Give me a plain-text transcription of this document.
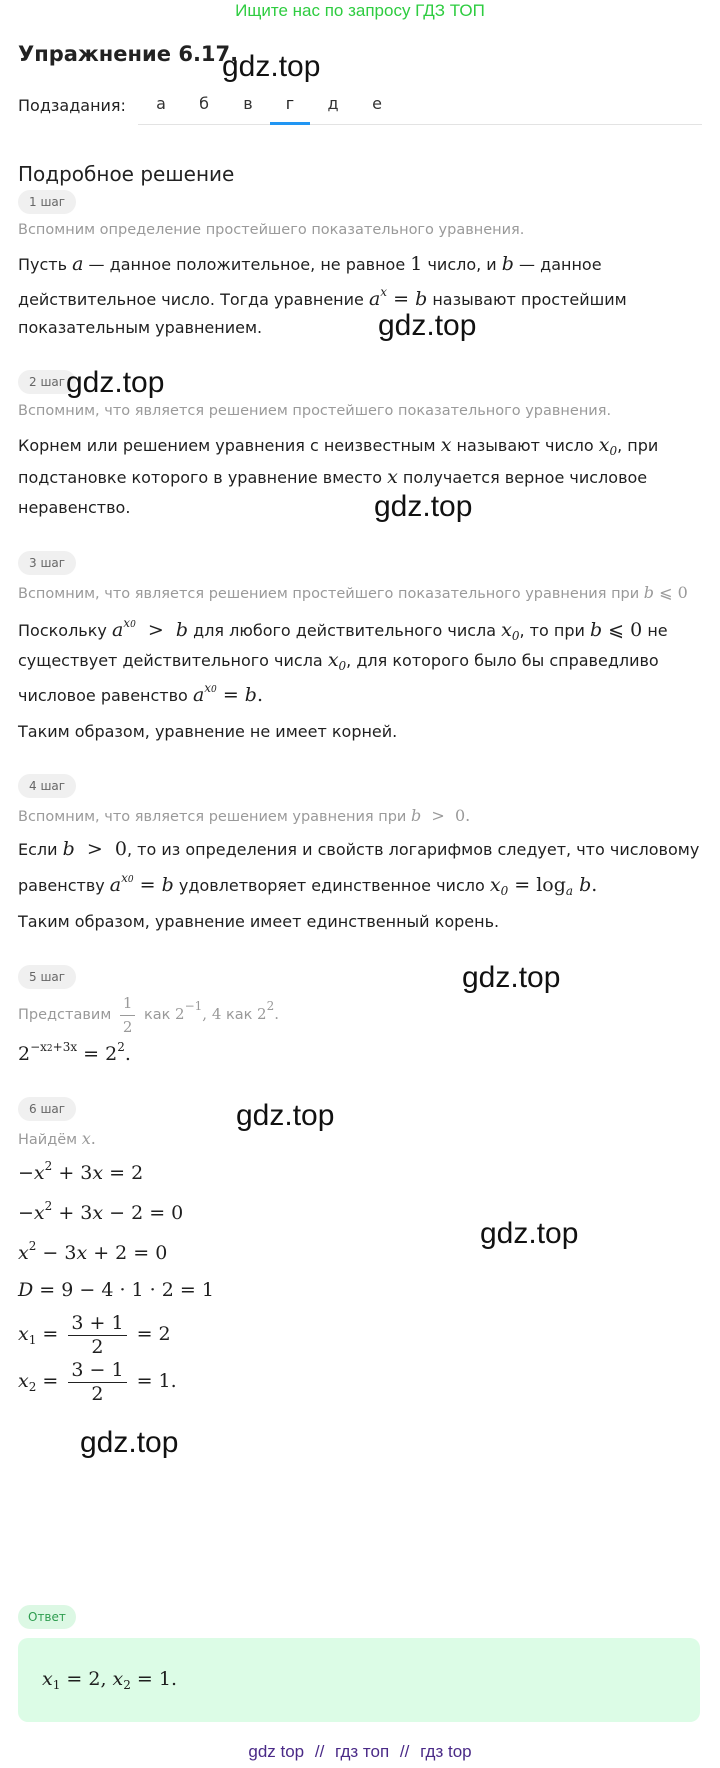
Ищите нас по запросу ГДЗ ТОП
Упражнение 6.17.
gdz.top
Подзадания:	а	б	в	г	д	е
Подробное решение
1 шаг
Вспомним определение простейшего показательного уравнения.
Пусть a — данное положительное, не равное 1 число, и b — данное
действительное число. Тогда уравнение $a^x = b$ называют простейшим
показательным уравнением.	gdz.top
2 шаг gdz.top
Вспомним, что является решением простейшего показательного уравнения.
Корнем или решением уравнения с неизвестным x называют число $x_0$, при
подстановке которого в уравнение вместо x получается верное числовое
неравенство.	gdz.top
3 шаг
Вспомним, что является решением простейшего показательного уравнения при b ⩽ 0
Поскольку $a^{x0} > b$ для любого действительного числа $x_0$, то при b ⩽ 0 не
существует действительного числа $x_0$, для которого было бы справедливо
числовое равенство $a^{x0} = b$.
Таким образом, уравнение не имеет корней.
4 шаг
Вспомним, что является решением уравнения при b  >  0.
Если b  >  0, то из определения и свойств логарифмов следует, что числовому
равенству $a^{x0} = b$ удовлетворяет единственное число $x_0 = \log_a b$.
Таким образом, уравнение имеет единственный корень.
5 шаг	gdz.top
Представим $\frac{1}{2}$ как $2^{-1}$, 4 как $2^2$.
$2^{-x2+3x} = 2^2$.
6 шаг	gdz.top
Найдём x.
$-x^2 + 3x = 2$
$-x^2 + 3x - 2 = 0$
$x^2 - 3x + 2 = 0$
gdz.top
D = 9 − 4 · 1 · 2 = 1
$x_1 = \frac{3 + 1}{2} = 2$
$x_2 = \frac{3 - 1}{2} = 1$.
Ответ
gdz.top
$x_1 = 2$, $x_2 = 1$.
gdz top // гдз топ // гдз top
